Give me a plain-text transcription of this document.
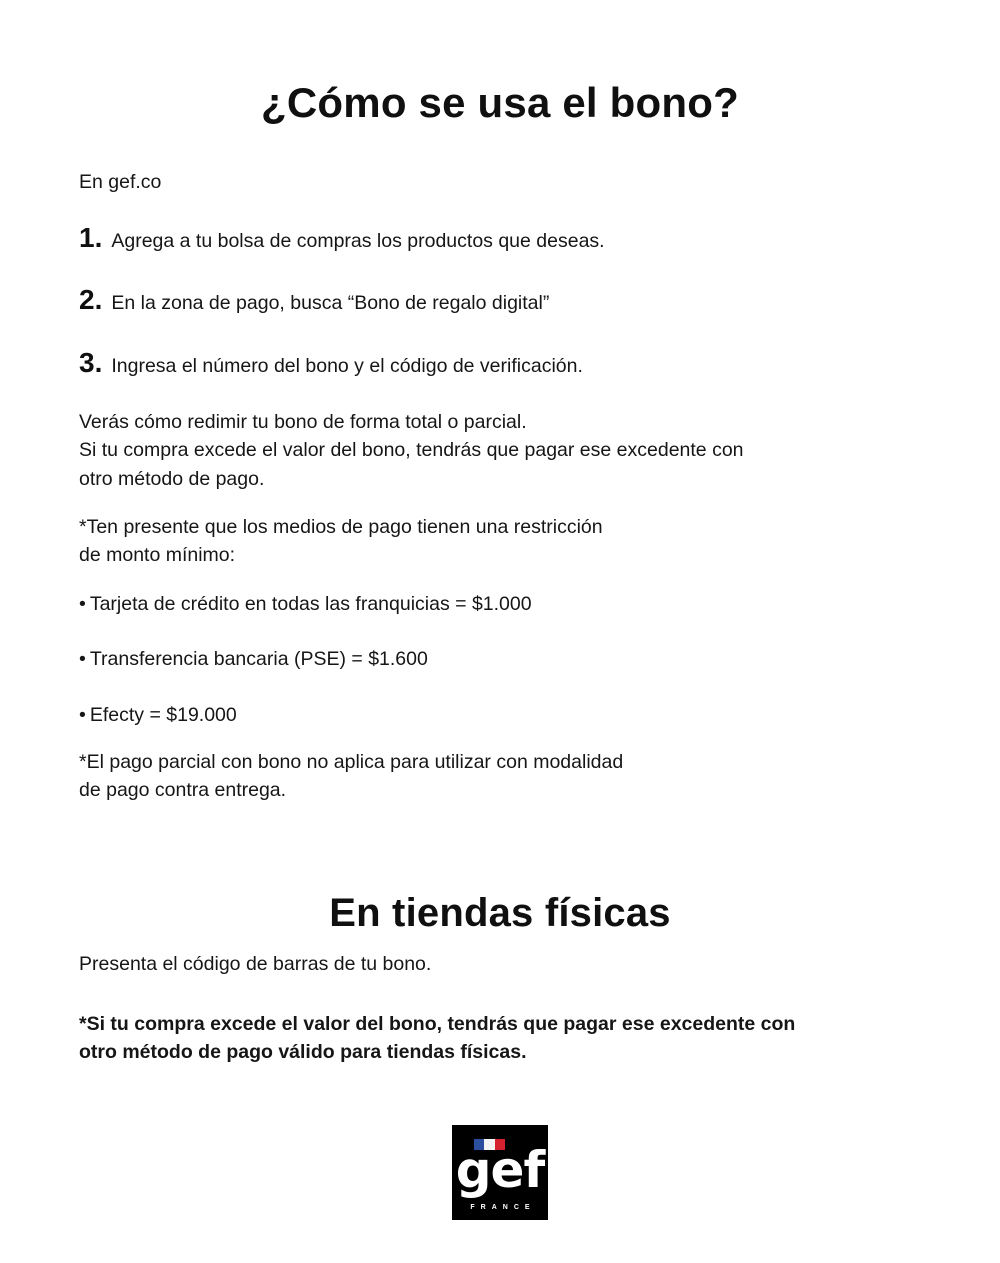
¿Cómo se usa el bono?
En gef.co
1. Agrega a tu bolsa de compras los productos que deseas.
2. En la zona de pago, busca “Bono de regalo digital”
3. Ingresa el número del bono y el código de verificación.
Verás cómo redimir tu bono de forma total o parcial.
Si tu compra excede el valor del bono, tendrás que pagar ese excedente con
otro método de pago.
*Ten presente que los medios de pago tienen una restricción
de monto mínimo:
• Tarjeta de crédito en todas las franquicias = $1.000
• Transferencia bancaria (PSE) = $1.600
• Efecty = $19.000
*El pago parcial con bono no aplica para utilizar con modalidad
de pago contra entrega.
En tiendas físicas
Presenta el código de barras de tu bono.
*Si tu compra excede el valor del bono, tendrás que pagar ese excedente con
otro método de pago válido para tiendas físicas.
gef
FRANCE
